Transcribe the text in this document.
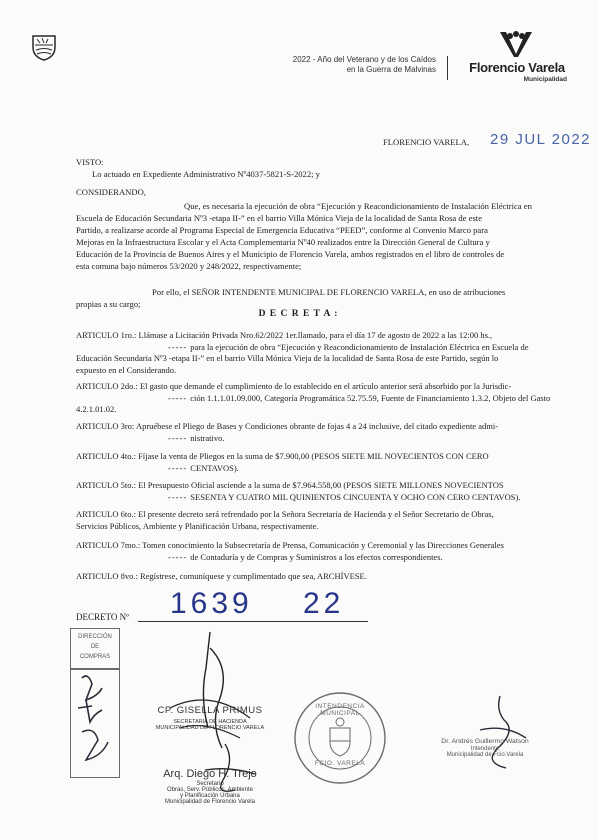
2022 - Año del Veterano y de los Caídos
en la Guerra de Malvinas	Florencio Varela
Municipalidad
FLORENCIO VARELA, 29 JUL 2022
VISTO:
Lo actuado en Expediente Administrativo Nº4037-5821-S-2022; y
CONSIDERANDO,
Que, es necesaria la ejecución de obra “Ejecución y Reacondicionamiento de Instalación Eléctrica en
Escuela de Educación Secundaria Nº3 -etapa II-” en el barrio Villa Mónica Vieja de la localidad de Santa Rosa de este
Partido, a realizarse acorde al Programa Especial de Emergencia Educativa “PEED”, conforme al Convenio Marco para
Mejoras en la Infraestructura Escolar y el Acta Complementaria Nº40 realizados entre la Dirección General de Cultura y
Educación de la Provincia de Buenos Aires y el Municipio de Florencio Varela, ambos registrados en el libro de controles de
esta comuna bajo números 53/2020 y 248/2022, respectivamente;
Por ello, el SEÑOR INTENDENTE MUNICIPAL DE FLORENCIO VARELA, en uso de atribuciones
propias a su cargo;
D E C R E T A :
ARTICULO 1ro.: Llámase a Licitación Privada Nro.62/2022 1er.llamado, para el día 17 de agosto de 2022 a las 12:00 hs.,
----- para la ejecución de obra “Ejecución y Reacondicionamiento de Instalación Eléctrica en Escuela de
Educación Secundaria Nº3 -etapa II-” en el barrio Villa Mónica Vieja de la localidad de Santa Rosa de este Partido, según lo
expuesto en el Considerando.
ARTICULO 2do.: El gasto que demande el cumplimiento de lo establecido en el artículo anterior será absorbido por la Jurisdic-
----- ción 1.1.1.01.09.000, Categoría Programática 52.75.59, Fuente de Financiamiento 1.3.2, Objeto del Gasto
4.2.1.01.02.
ARTICULO 3ro: Apruébese el Pliego de Bases y Condiciones obrante de fojas 4 a 24 inclusive, del citado expediente admi-
----- nistrativo.
ARTICULO 4to.: Fíjase la venta de Pliegos en la suma de $7.900,00 (PESOS SIETE MIL NOVECIENTOS CON CERO
----- CENTAVOS).
ARTICULO 5to.: El Presupuesto Oficial asciende a la suma de $7.964.558,00 (PESOS SIETE MILLONES NOVECIENTOS
----- SESENTA Y CUATRO MIL QUINIENTOS CINCUENTA Y OCHO CON CERO CENTAVOS).
ARTICULO 6to.: El presente decreto será refrendado por la Señora Secretaria de Hacienda y el Señor Secretario de Obras,
Servicios Públicos, Ambiente y Planificación Urbana, respectivamente.
ARTICULO 7mo.: Tomen conocimiento la Subsecretaría de Prensa, Comunicación y Ceremonial y las Direcciones Generales
----- de Contaduría y de Compras y Suministros a los efectos correspondientes.
ARTICULO 8vo.: Regístrese, comuníquese y cumplimentado que sea, ARCHÍVESE.
DECRETO Nº 1639 22
DIRECCIÓN
DE
COMPRAS
CP. GISELLA PRIMUS
SECRETARIA DE HACIENDA
MUNICIPALIDAD DE FLORENCIO VARELA
Arq. Diego H. Trejo
Secretario
Obras, Serv. Públicos, Ambiente
y Planificación Urbana
Municipalidad de Florencio Varela
INTENDENCIA MUNICIPAL
FCIO. VARELA
Dr. Andrés Guillermo Watson
Intendente
Municipalidad de Fcio.Varela
